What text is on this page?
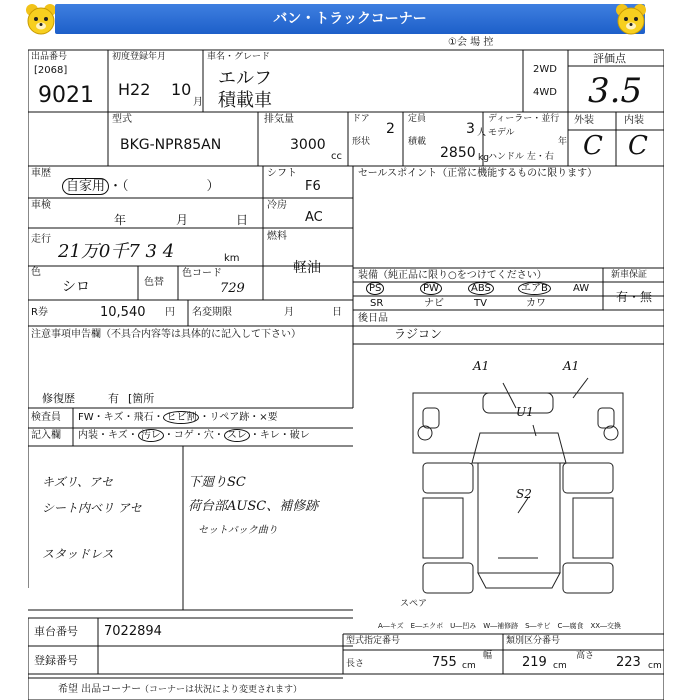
バン・トラックコーナー
①会 場 控
出品番号
[2068]
9021
初度登録年月
H22 10
月
車名・グレード
エルフ
積載車
2WD
4WD
評価点
3.5
型式
BKG-NPR85AN
排気量
3000
cc
ドア
2
形状
定員
3 人
積載
2850 kg
ディーラー・並行
モデル
年
ハンドル 左・右
外装	内装
C C
車歴
自家用 ・（　　　　　　）
シフト
F6
車検
年	月	日
冷房
AC
走行
21万0千7 3 4	km
燃料
軽油
色
シロ	色替
色コード
729
R券	10,540 円 名変期限	月	日
セールスポイント（正常に機能するものに限ります）
装備（純正品に限り○をつけてください）	新車保証
有・無
PS	PW	ABS	エアB	AW
SR	ナビ	TV	カワ
後日品
ラジコン
注意事項申告欄（不具合内容等は具体的に記入して下さい）
修復歴	有 [箇所
検査員
記入欄
FW・キズ・飛石・ ヒビ割 ・リペア跡・×要
内装・キズ・ 汚レ ・コゲ・穴・ スレ ・キレ・破レ
キズリ、アセ
シート内ベリ アセ
スタッドレス
下廻りSC
荷台部AUSC、補修跡
セットバック曲り
A1	A1
U1
S2
スペア
A―キズ　E―エクボ　U―凹み　W―補修跡　S―サビ　C―腐食　XX―交換
車台番号 7022894
登録番号
型式指定番号	類別区分番号
長さ	755 cm
幅 219 cm
高さ 223 cm
希望 出品コーナー
（コーナーは状況により変更されます）
